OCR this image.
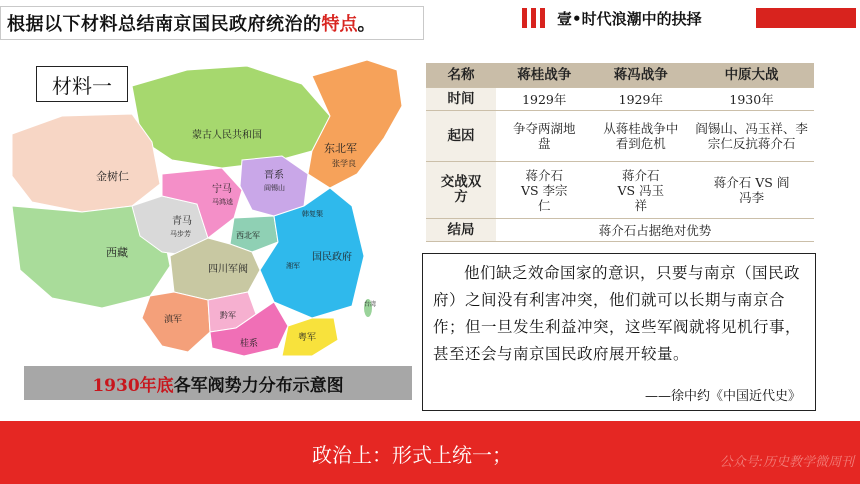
根据以下材料总结南京国民政府统治的 特点 。	壹•时代浪潮中的抉择
蒙古人民共和国
东北军
张学良
金树仁
西藏
青马
马步芳
宁马
马鸿逵
晋系
阎锡山
西北军
国民政府
韩复榘
湘军
四川军阀
滇军	黔军
桂系
粤军
台湾
材料一
1930年底 各军阀势力分布示意图
名称	蒋桂战争	蒋冯战争	中原大战
时间	1929年	1929年	1930年
起因	争夺两湖地盘	从蒋桂战争中看到危机	阎锡山、冯玉祥、李宗仁反抗蒋介石
交战双方	蒋介石 VS 李宗仁	蒋介石 VS 冯玉祥	蒋介石 VS 阎冯李
结局	蒋介石占据绝对优势		
他们缺乏效命国家的意识，只要与南京（国民政府）之间没有利害冲突，他们就可以长期与南京合作；但一旦发生利益冲突，这些军阀就将见机行事，甚至还会与南京国民政府展开较量。
——徐中约《中国近代史》
政治上：形式上统一；	公众号:历史教学微周刊
